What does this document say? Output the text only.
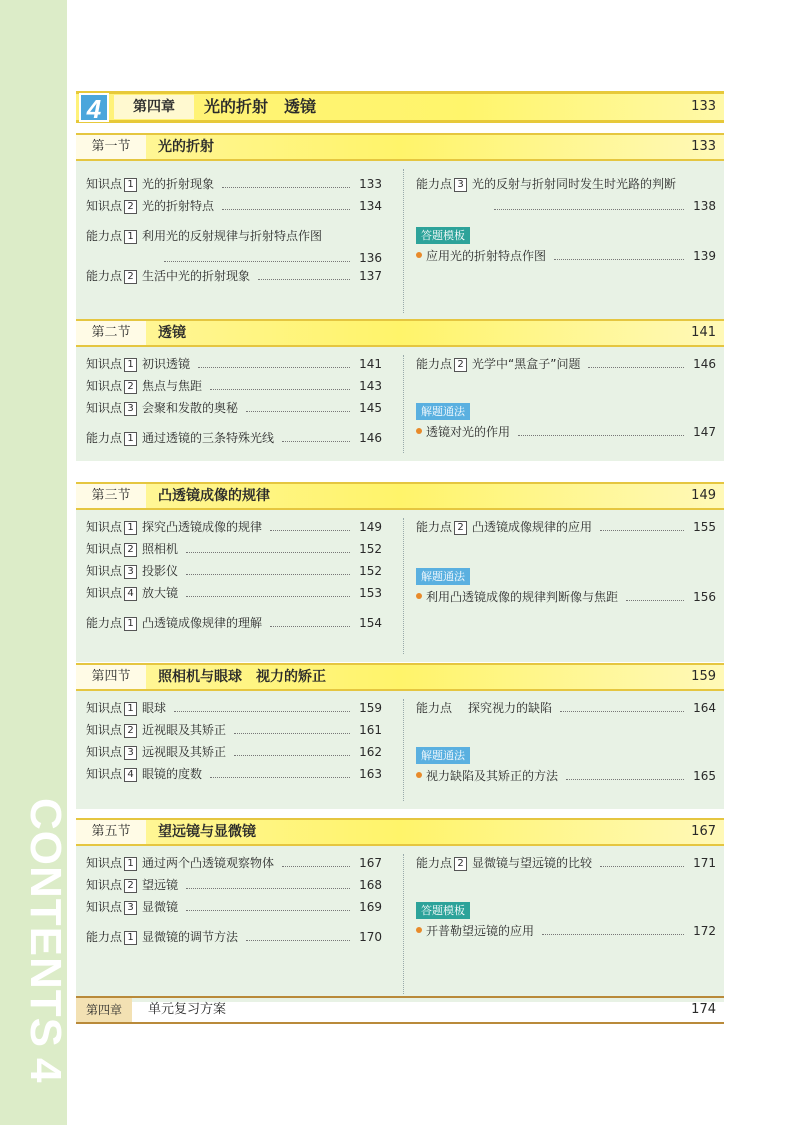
CONTENTS4
4	第四章	光的折射　透镜	133
第一节	光的折射	133
知识点 1 光的折射现象	133
知识点 2 光的折射特点	134
能力点 1 利用光的反射规律与折射特点作图
136
能力点 2 生活中光的折射现象	137
能力点 3 光的反射与折射同时发生时光路的判断
138
答题模板
应用光的折射特点作图	139
第二节	透镜	141
知识点 1 初识透镜	141
知识点 2 焦点与焦距	143
知识点 3 会聚和发散的奥秘	145
能力点 1 通过透镜的三条特殊光线	146
能力点 2 光学中“黑盒子”问题	146
解题通法
透镜对光的作用	147
第三节	凸透镜成像的规律	149
知识点 1 探究凸透镜成像的规律	149
知识点 2 照相机	152
知识点 3 投影仪	152
知识点 4 放大镜	153
能力点 1 凸透镜成像规律的理解	154
能力点 2 凸透镜成像规律的应用	155
解题通法
利用凸透镜成像的规律判断像与焦距	156
第四节	照相机与眼球　视力的矫正	159
知识点 1 眼球	159
知识点 2 近视眼及其矫正	161
知识点 3 远视眼及其矫正	162
知识点 4 眼镜的度数	163
能力点 探究视力的缺陷	164
解题通法
视力缺陷及其矫正的方法	165
第五节	望远镜与显微镜	167
知识点 1 通过两个凸透镜观察物体	167
知识点 2 望远镜	168
知识点 3 显微镜	169
能力点 1 显微镜的调节方法	170
能力点 2 显微镜与望远镜的比较	171
答题模板
开普勒望远镜的应用	172
第四章	单元复习方案	174
